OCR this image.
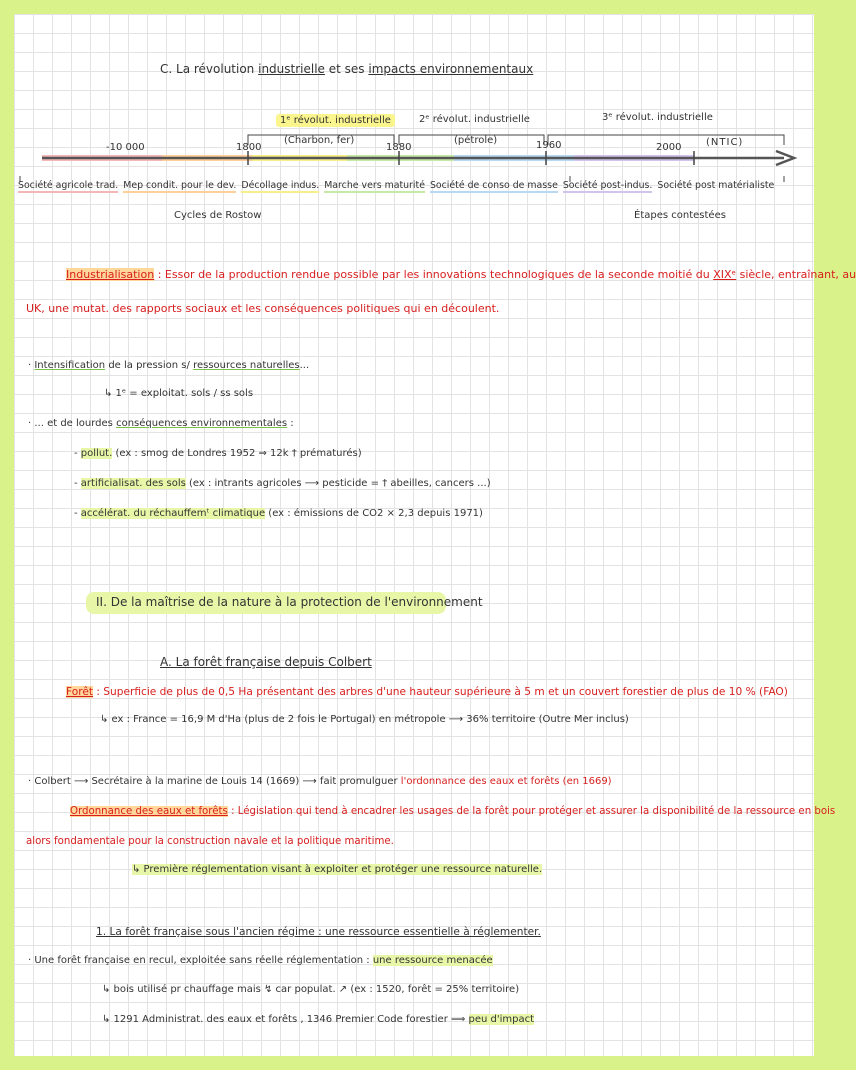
C. La révolution industrielle et ses impacts environnementaux
1ᵉ révolut. industrielle
(Charbon, fer)
2ᵉ révolut. industrielle
(pétrole)
3ᵉ révolut. industrielle
(NTIC)
-10 000	1800	1880	1960	2000
Société agricole trad. Mep condit. pour le dev. Décollage indus. Marche vers maturité Société de conso de masse Société post-indus. Société post matérialiste
Cycles de Rostow	Étapes contestées
Industrialisation : Essor de la production rendue possible par les innovations technologiques de la seconde moitié du XIXᵉ siècle, entraînant, au
UK, une mutat. des rapports sociaux et les conséquences politiques qui en découlent.
· Intensification de la pression s/ ressources naturelles...
↳ 1ᵉ = exploitat. sols / ss sols
· ... et de lourdes conséquences environnementales :
- pollut. (ex : smog de Londres 1952 ⇒ 12k † prématurés)
- artificialisat. des sols (ex : intrants agricoles ⟶ pesticide = † abeilles, cancers ...)
- accélérat. du réchauffemᵗ climatique (ex : émissions de CO2 × 2,3 depuis 1971)
II. De la maîtrise de la nature à la protection de l'environnement
A. La forêt française depuis Colbert
Forêt : Superficie de plus de 0,5 Ha présentant des arbres d'une hauteur supérieure à 5 m et un couvert forestier de plus de 10 % (FAO)
↳ ex : France = 16,9 M d'Ha (plus de 2 fois le Portugal) en métropole ⟶ 36% territoire (Outre Mer inclus)
· Colbert ⟶ Secrétaire à la marine de Louis 14 (1669) ⟶ fait promulguer l'ordonnance des eaux et forêts (en 1669)
Ordonnance des eaux et forêts : Législation qui tend à encadrer les usages de la forêt pour protéger et assurer la disponibilité de la ressource en bois
alors fondamentale pour la construction navale et la politique maritime.
↳ Première réglementation visant à exploiter et protéger une ressource naturelle.
1. La forêt française sous l'ancien régime : une ressource essentielle à réglementer.
· Une forêt française en recul, exploitée sans réelle réglementation : une ressource menacée
↳ bois utilisé pr chauffage mais ↯ car populat. ↗ (ex : 1520, forêt = 25% territoire)
↳ 1291 Administrat. des eaux et forêts , 1346 Premier Code forestier ⟹ peu d'impact
